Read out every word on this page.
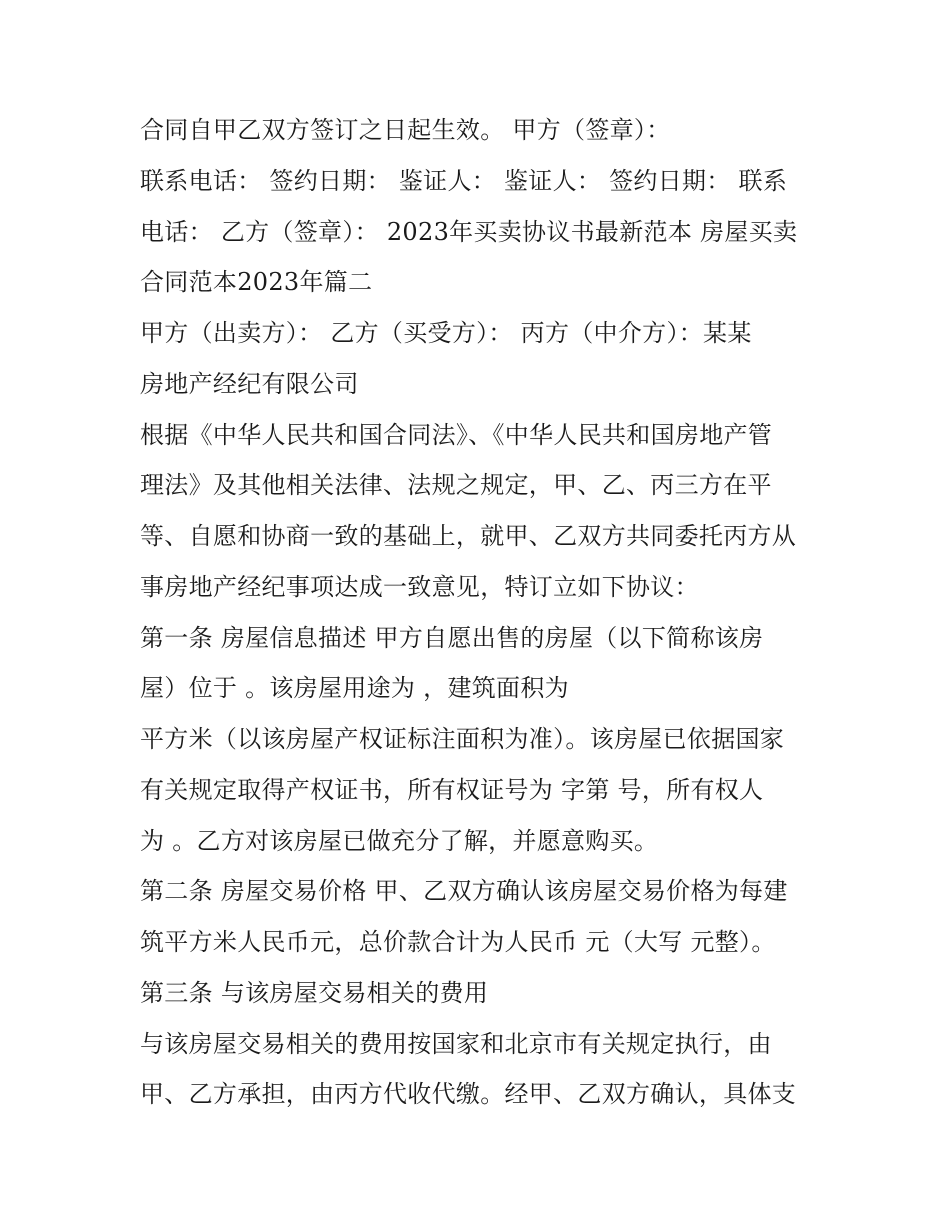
合同自甲乙双方签订之日起生效。 甲方（签章）：
联系电话： 签约日期： 鉴证人： 鉴证人： 签约日期： 联系
电话： 乙方（签章）： 2023年买卖协议书最新范本 房屋买卖
合同范本2023年篇二
甲方（出卖方）： 乙方（买受方）： 丙方（中介方）：某某
房地产经纪有限公司
根据《中华人民共和国合同法》、《中华人民共和国房地产管
理法》及其他相关法律、法规之规定，甲、乙、丙三方在平
等、自愿和协商一致的基础上，就甲、乙双方共同委托丙方从
事房地产经纪事项达成一致意见，特订立如下协议：
第一条 房屋信息描述 甲方自愿出售的房屋（以下简称该房
屋）位于 。该房屋用途为 ，建筑面积为
平方米（以该房屋产权证标注面积为准）。该房屋已依据国家
有关规定取得产权证书，所有权证号为 字第 号，所有权人
为 。乙方对该房屋已做充分了解，并愿意购买。
第二条 房屋交易价格 甲、乙双方确认该房屋交易价格为每建
筑平方米人民币元，总价款合计为人民币 元（大写 元整）。
第三条 与该房屋交易相关的费用
与该房屋交易相关的费用按国家和北京市有关规定执行，由
甲、乙方承担，由丙方代收代缴。经甲、乙双方确认，具体支
